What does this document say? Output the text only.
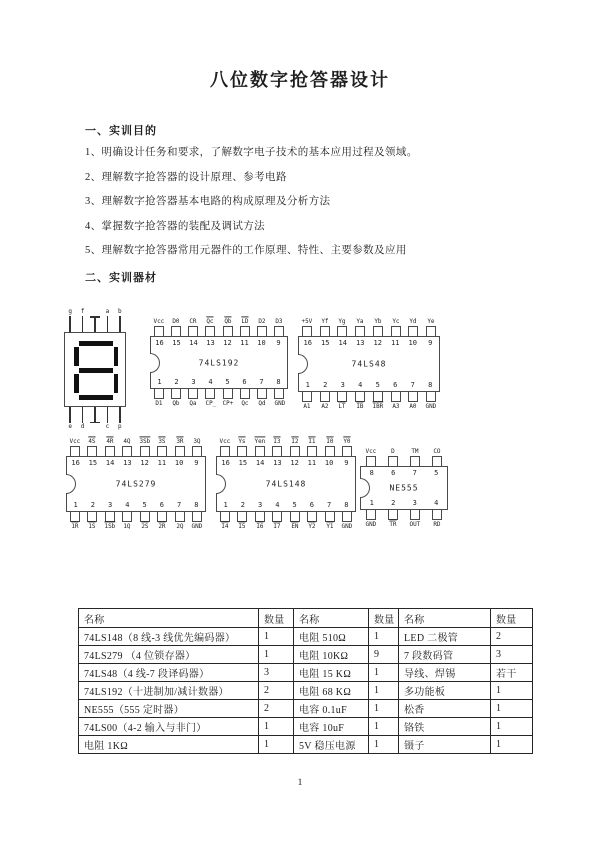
八位数字抢答器设计
一、实训目的
1、明确设计任务和要求，了解数字电子技术的基本应用过程及领域。
2、理解数字抢答器的设计原理、参考电路
3、理解数字抢答器基本电路的构成原理及分析方法
4、掌握数字抢答器的装配及调试方法
5、理解数字抢答器常用元器件的工作原理、特性、主要参数及应用
二、实训器材
g f	a b
e d	c p
Vcc D0 CR $\overline{Qc}$ $\overline{Qb}$ $\overline{LD}$ D2 D3
16	15	14	13	12	11	10	9
74LS192
1	2	3	4	5	6	7	8
D1 Qb Qa CP_ CP+ Qc Qd GND
+5V Yf Yg Ya Yb Yc Yd Ye
16	15	14	13	12	11	10	9
74LS48
1	2	3	4	5	6	7	8
A1 A2 $\overline{LT}$ $\overline{IB}$ $\overline{IBR}$ A3 A0 GND
Vcc 4S 4R 4Q 3Sb 3S 3R 3Q
16	15	14	13	12	11	10	9
74LS279
1	2	3	4	5	6	7	8
1R 1S 1Sb 1Q 2S 2R 2Q GND
Vcc $\overline{Ys}$ $\overline{Yen}$ I3 I2 I1 I0 Y0
16	15	14	13	12	11	10	9
74LS148
1	2	3	4	5	6	7	8
I4 I5 I6 I7 $\overline{EN}$ Y2 Y1 GND
Vcc D	TM CO
8	6	7	5
NE555
1	2	3	4
GND $\overline{TR}$ OUT RD
名称	数量	名称	数量	名称	数量
74LS148（8 线-3 线优先编码器）	1	电阻 510Ω	1	LED 二极管	2
74LS279 （4 位锁存器）	1	电阻 10KΩ	9	7 段数码管	3
74LS48（4 线-7 段译码器）	3	电阻 15 KΩ	1	导线、焊锡	若干
74LS192（十进制加/减计数器）	2	电阻 68 KΩ	1	多功能板	1
NE555（555 定时器）	2	电容 0.1uF	1	松香	1
74LS00（4-2 输入与非门）	1	电容 10uF	1	铬铁	1
电阻 1KΩ	1	5V 稳压电源	1	镊子	1
1
